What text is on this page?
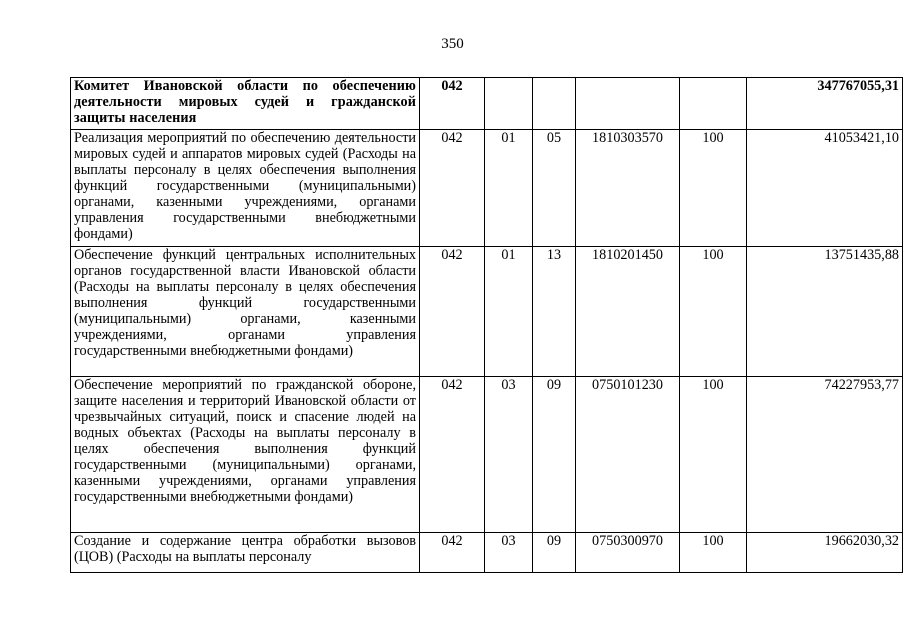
350
Комитет Ивановской области по обеспечению деятельности мировых судей и гражданской защиты населения	042					347767055,31
Реализация мероприятий по обеспечению деятельности мировых судей и аппаратов мировых судей (Расходы на выплаты персоналу в целях обеспечения выполнения функций государственными (муниципальными) органами, казенными учреждениями, органами управления государственными внебюджетными фондами)	042	01	05	1810303570	100	41053421,10
Обеспечение функций центральных исполнительных органов государственной власти Ивановской области (Расходы на выплаты персоналу в целях обеспечения выполнения функций государственными (муниципальными) органами, казенными учреждениями, органами управления государственными внебюджетными фондами)	042	01	13	1810201450	100	13751435,88
Обеспечение мероприятий по гражданской обороне, защите населения и территорий Ивановской области от чрезвычайных ситуаций, поиск и спасение людей на водных объектах (Расходы на выплаты персоналу в целях обеспечения выполнения функций государственными (муниципальными) органами, казенными учреждениями, органами управления государственными внебюджетными фондами)	042	03	09	0750101230	100	74227953,77
Создание и содержание центра обработки вызовов (ЦОВ) (Расходы на выплаты персоналу	042	03	09	0750300970	100	19662030,32
